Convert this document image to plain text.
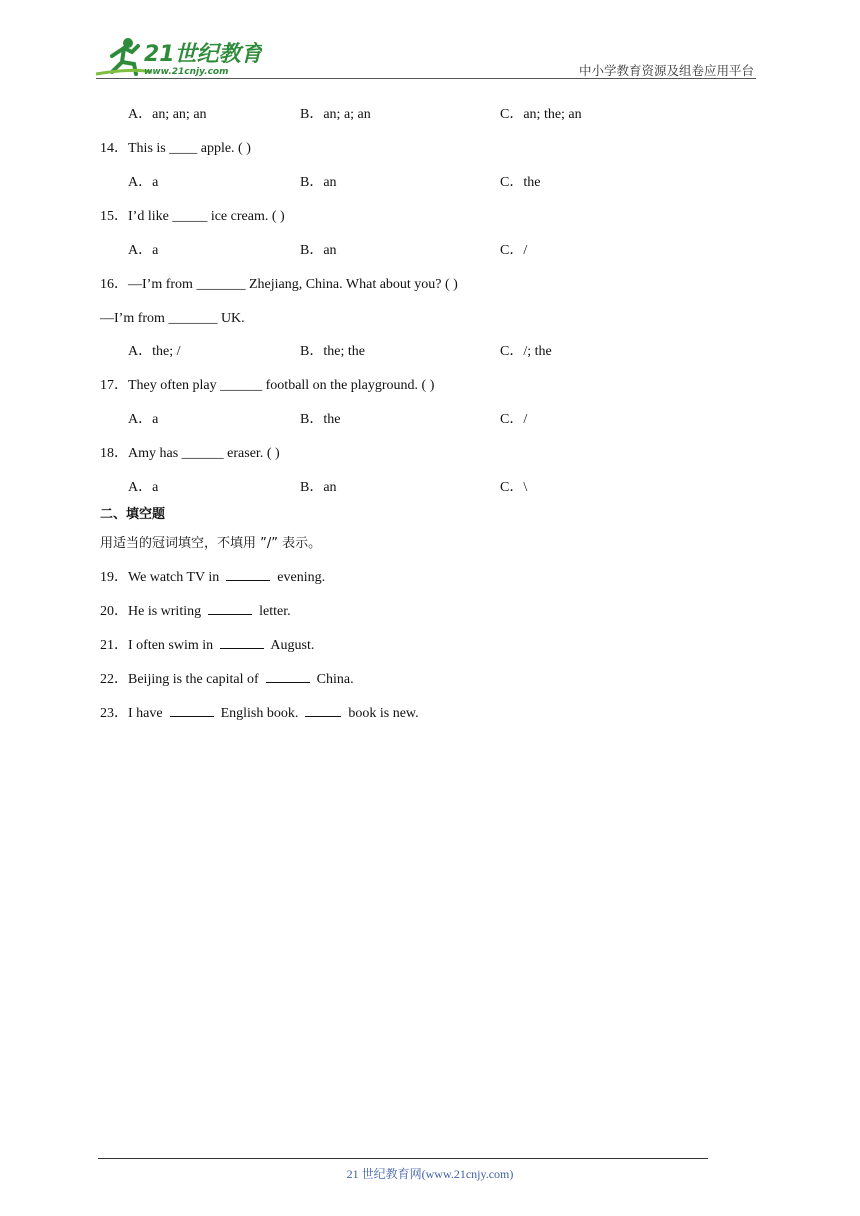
21世纪教育
www.21cnjy.com	中小学教育资源及组卷应用平台
A．an; an; an	B．an; a; an	C．an; the; an
14．This is ____ apple. ( )
A．a	B．an	C．the
15．I’d like _____ ice cream. ( )
A．a	B．an	C．/
16．—I’m from _______ Zhejiang, China. What about you? ( )
—I’m from _______ UK.
A．the; /	B．the; the	C．/; the
17．They often play ______ football on the playground. ( )
A．a	B．the	C．/
18．Amy has ______ eraser. ( )
A．a	B．an	C．\
二、填空题
用适当的冠词填空，不填用 ”/” 表示。
19．We watch TV in	evening.
20．He is writing	letter.
21．I often swim in	August.
22．Beijing is the capital of	China.
23．I have	English book.	book is new.
21 世纪教育网(www.21cnjy.com)
